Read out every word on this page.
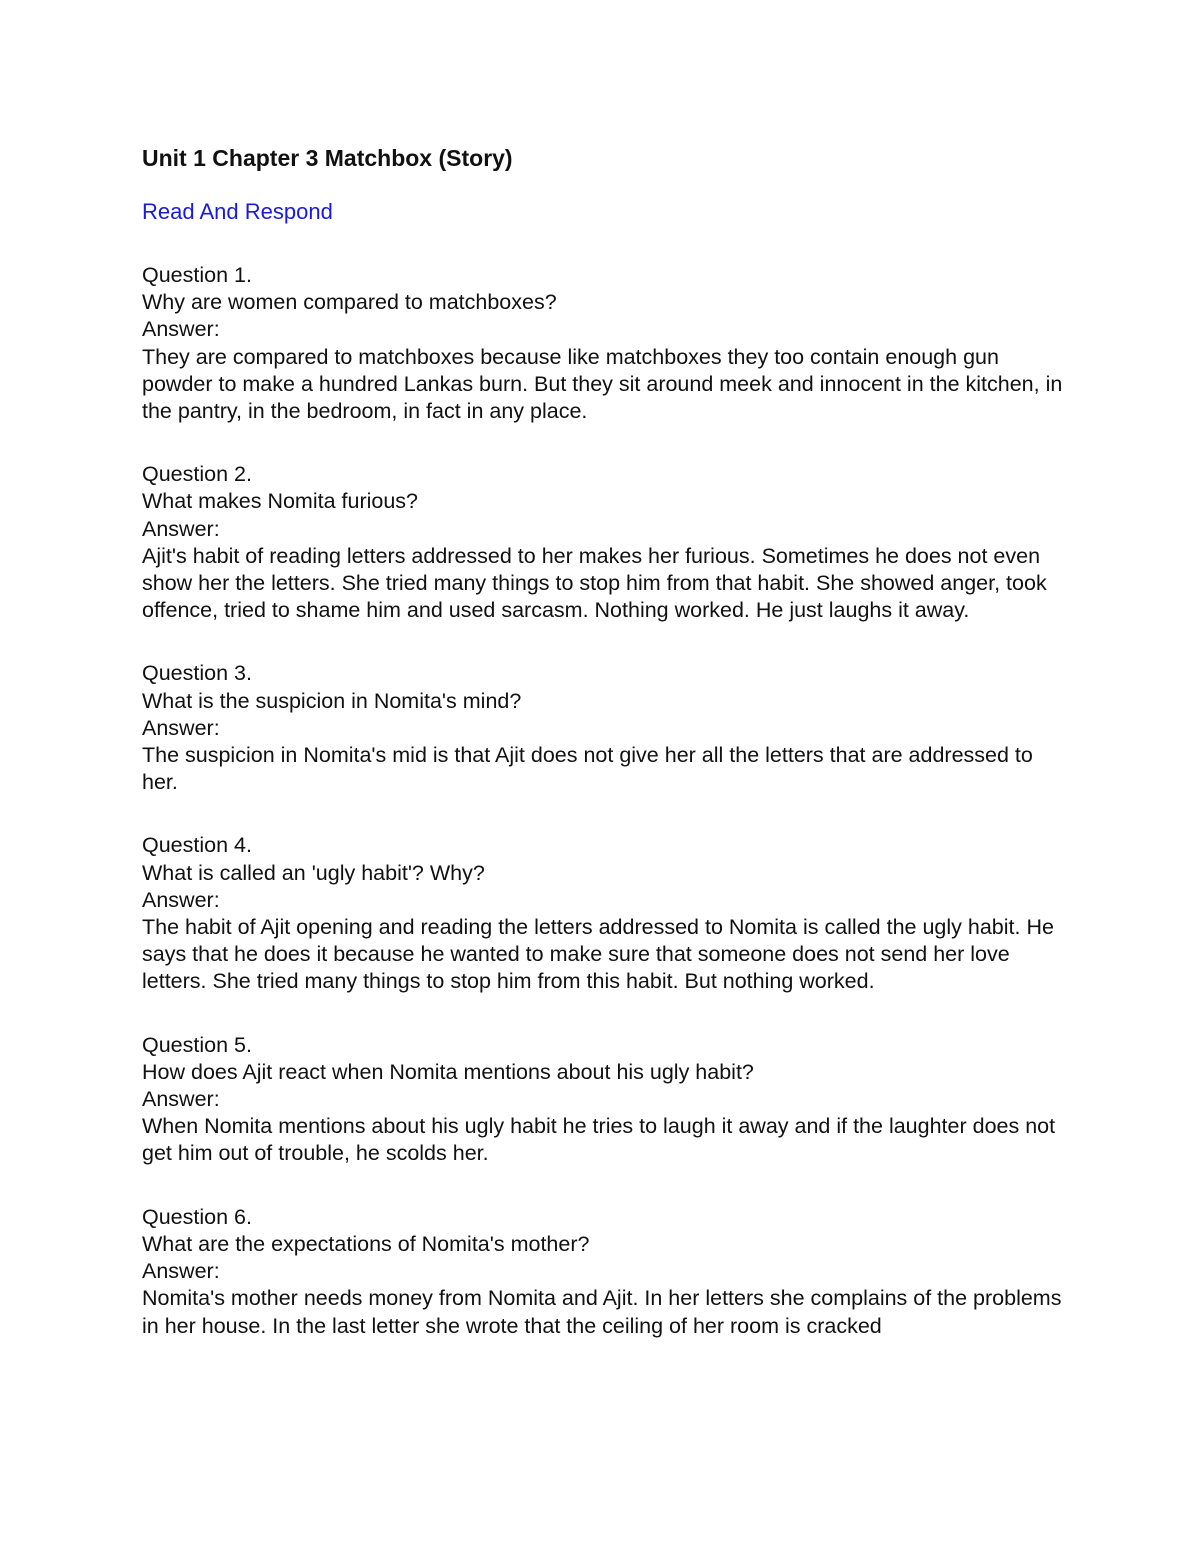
Unit 1 Chapter 3 Matchbox (Story)
Read And Respond

Question 1.

Why are women compared to matchboxes?

Answer:

They are compared to matchboxes because like matchboxes they too contain enough gun powder to make a hundred Lankas burn. But they sit around meek and innocent in the kitchen, in the pantry, in the bedroom, in fact in any place.

Question 2.

What makes Nomita furious?

Answer:

Ajit's habit of reading letters addressed to her makes her furious. Sometimes he does not even show her the letters. She tried many things to stop him from that habit. She showed anger, took offence, tried to shame him and used sarcasm. Nothing worked. He just laughs it away.

Question 3.

What is the suspicion in Nomita's mind?

Answer:

The suspicion in Nomita's mid is that Ajit does not give her all the letters that are addressed to her.

Question 4.

What is called an 'ugly habit'? Why?

Answer:

The habit of Ajit opening and reading the letters addressed to Nomita is called the ugly habit. He says that he does it because he wanted to make sure that someone does not send her love letters. She tried many things to stop him from this habit. But nothing worked.

Question 5.

How does Ajit react when Nomita mentions about his ugly habit?

Answer:

When Nomita mentions about his ugly habit he tries to laugh it away and if the laughter does not get him out of trouble, he scolds her.

Question 6.

What are the expectations of Nomita's mother?

Answer:

Nomita's mother needs money from Nomita and Ajit. In her letters she complains of the problems in her house. In the last letter she wrote that the ceiling of her room is cracked
